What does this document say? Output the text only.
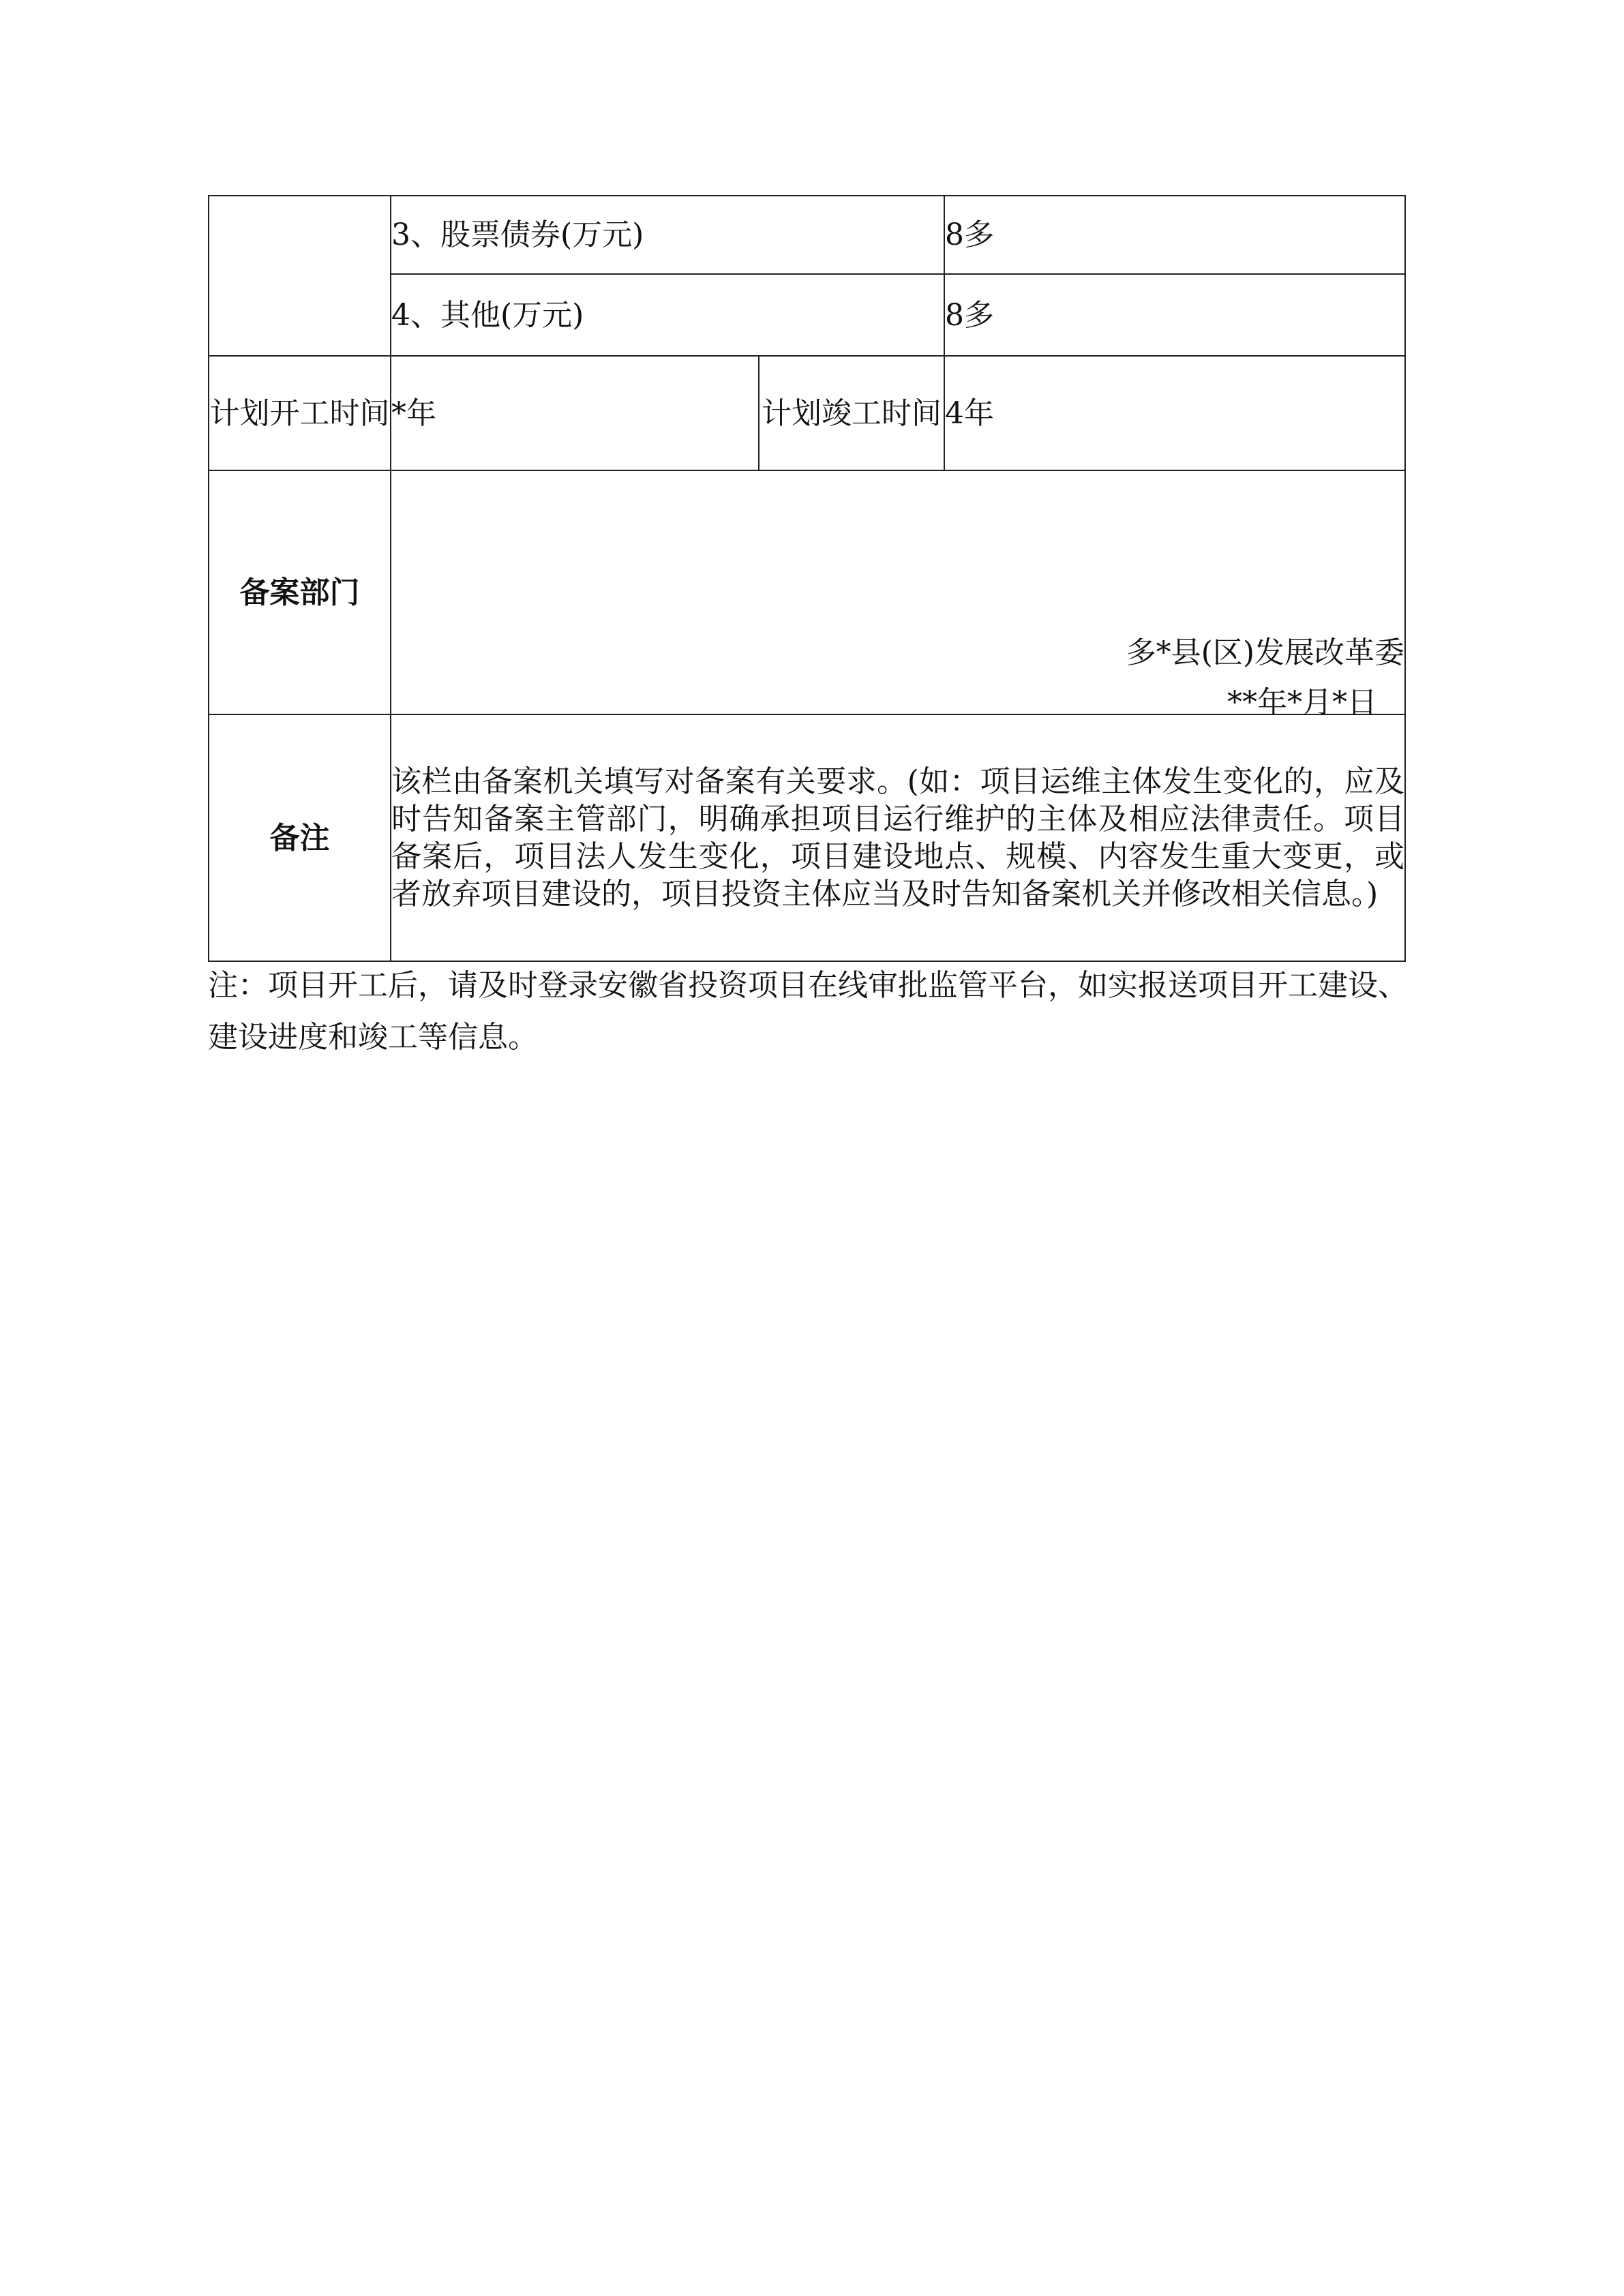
	3、股票债券(万元)		8多
	4、其他(万元)		8多
计划开工时间	*年	计划竣工时间	4年
备案部门	多*县(区)发展改革委
**年*月*日		

备注	该栏由备案机关填写对备案有关要求。(如：项目运维主体发生变化的，应及时告知备案主管部门，明确承担项目运行维护的主体及相应法律责任。项目备案后，项目法人发生变化，项目建设地点、规模、内容发生重大变更，或者放弃项目建设的，项目投资主体应当及时告知备案机关并修改相关信息。)		
注：项目开工后，请及时登录安徽省投资项目在线审批监管平台，如实报送项目开工建设、建设进度和竣工等信息。
